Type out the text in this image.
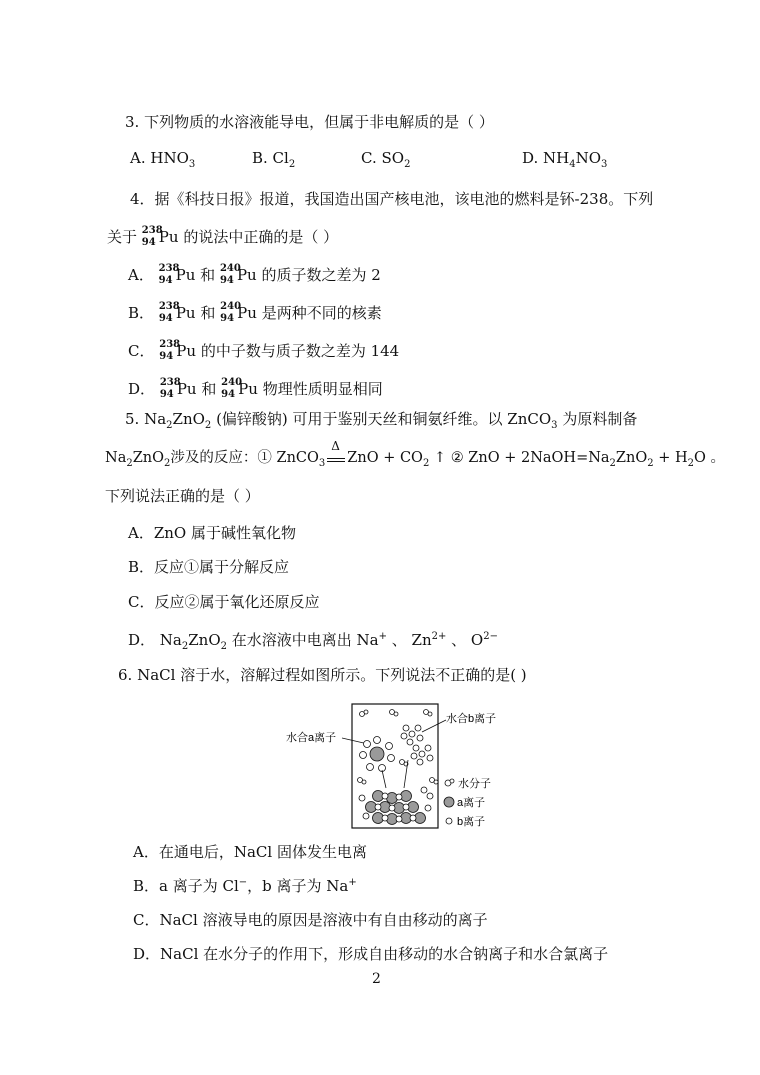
3. 下列物质的水溶液能导电，但属于非电解质的是（ ）
A. $HNO_3$	B. $Cl_2$	C. $SO_2$	D. $NH_4NO_3$
4．据《科技日报》报道，我国造出国产核电池，该电池的燃料是钚-238。下列
关于 238
94 Pu 的说法中正确的是（ ）
A． 238
94 Pu 和 240
94 Pu 的质子数之差为 2
B． 238
94 Pu 和 240
94 Pu 是两种不同的核素
C． 238
94 Pu 的中子数与质子数之差为 144
D． 238
94 Pu 和 240
94 Pu 物理性质明显相同
5. $Na_2ZnO_2$ (偏锌酸钠) 可用于鉴别天丝和铜氨纤维。以 ZnCO$_3$ 为原料制备
$Na_2ZnO_2$涉及的反应：① ZnCO$_3$
Δ
ZnO + $CO_2$ ↑ ② ZnO + $2NaOH=Na_2ZnO_2 + H_2O$ 。
下列说法正确的是（ ）
A．ZnO 属于碱性氧化物
B．反应①属于分解反应
C．反应②属于氧化还原反应
D． $Na_2ZnO_2$ 在水溶液中电离出 Na+ 、 $Zn^{2+}$ 、 $O^{2-}$
6. NaCl 溶于水，溶解过程如图所示。下列说法不正确的是( )
水合a离子
水合b离子
水分子
a离子
b离子
A．在通电后，NaCl 固体发生电离
B．a 离子为 Cl−，b 离子为 Na+
C．NaCl 溶液导电的原因是溶液中有自由移动的离子
D．NaCl 在水分子的作用下，形成自由移动的水合钠离子和水合氯离子
2
